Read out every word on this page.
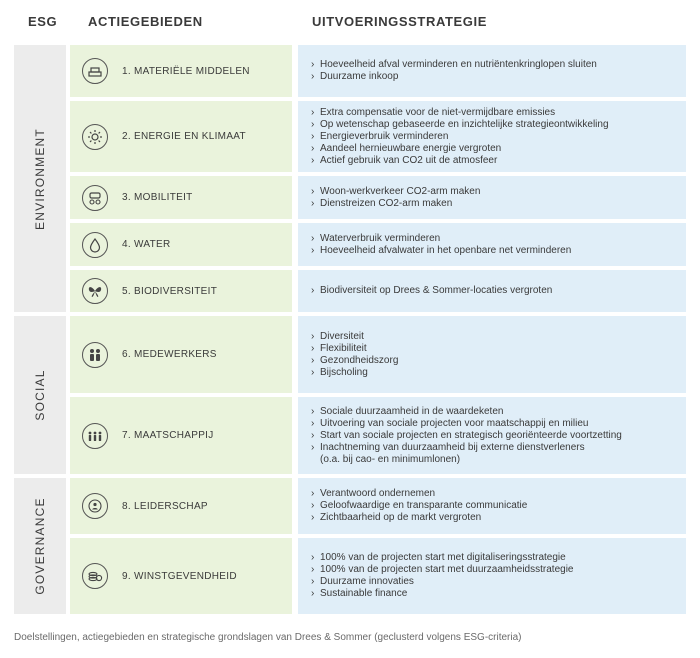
ESG ACTIEGEBIEDEN	UITVOERINGSSTRATEGIE
ENVIRONMENT
SOCIAL
GOVERNANCE
1. MATERIËLE MIDDELEN
› Hoeveelheid afval verminderen en nutriëntenkringlopen sluiten
› Duurzame inkoop
2. ENERGIE EN KLIMAAT
› Extra compensatie voor de niet-vermijdbare emissies
› Op wetenschap gebaseerde en inzichtelijke strategieontwikkeling
› Energieverbruik verminderen
› Aandeel hernieuwbare energie vergroten
› Actief gebruik van CO2 uit de atmosfeer
3. MOBILITEIT
› Woon-werkverkeer CO2-arm maken
› Dienstreizen CO2-arm maken
4. WATER
› Waterverbruik verminderen
› Hoeveelheid afvalwater in het openbare net verminderen
5. BIODIVERSITEIT
›	Biodiversiteit op Drees & Sommer-locaties vergroten
6. MEDEWERKERS
› Diversiteit
› Flexibiliteit
› Gezondheidszorg
› Bijscholing
7. MAATSCHAPPIJ
› Sociale duurzaamheid in de waardeketen
› Uitvoering van sociale projecten voor maatschappij en milieu
› Start van sociale projecten en strategisch georiënteerde voortzetting
› Inachtneming van duurzaamheid bij externe dienstverleners
(o.a. bij cao- en minimumlonen)
8. LEIDERSCHAP
› Verantwoord ondernemen
› Geloofwaardige en transparante communicatie
› Zichtbaarheid op de markt vergroten
9. WINSTGEVENDHEID
› 100% van de projecten start met digitaliseringsstrategie
› 100% van de projecten start met duurzaamheidsstrategie
› Duurzame innovaties
› Sustainable finance
Doelstellingen, actiegebieden en strategische grondslagen van Drees & Sommer (geclusterd volgens ESG-criteria)
